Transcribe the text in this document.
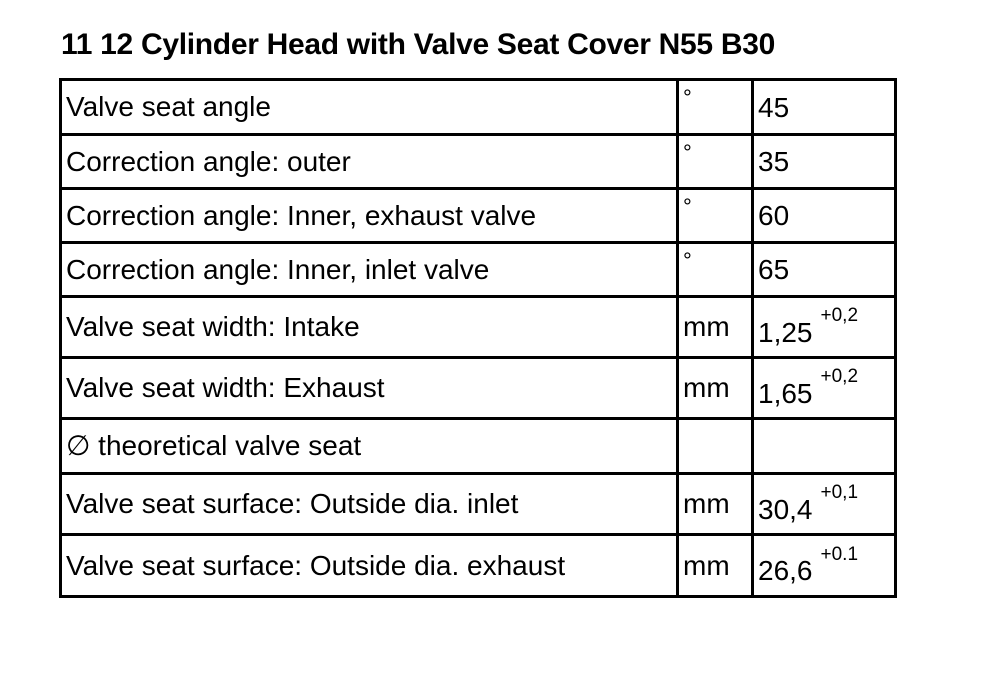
11 12 Cylinder Head with Valve Seat Cover N55 B30
Valve seat angle	°	45
Correction angle: outer	°	35
Correction angle: Inner, exhaust valve	°	60
Correction angle: Inner, inlet valve	°	65
Valve seat width: Intake	mm	$1,25^{+0,2}$
Valve seat width: Exhaust	mm	$1,65^{+0,2}$
∅ theoretical valve seat		
Valve seat surface: Outside dia. inlet	mm	$30,4^{+0,1}$
Valve seat surface: Outside dia. exhaust	mm	$26,6^{+0.1}$
